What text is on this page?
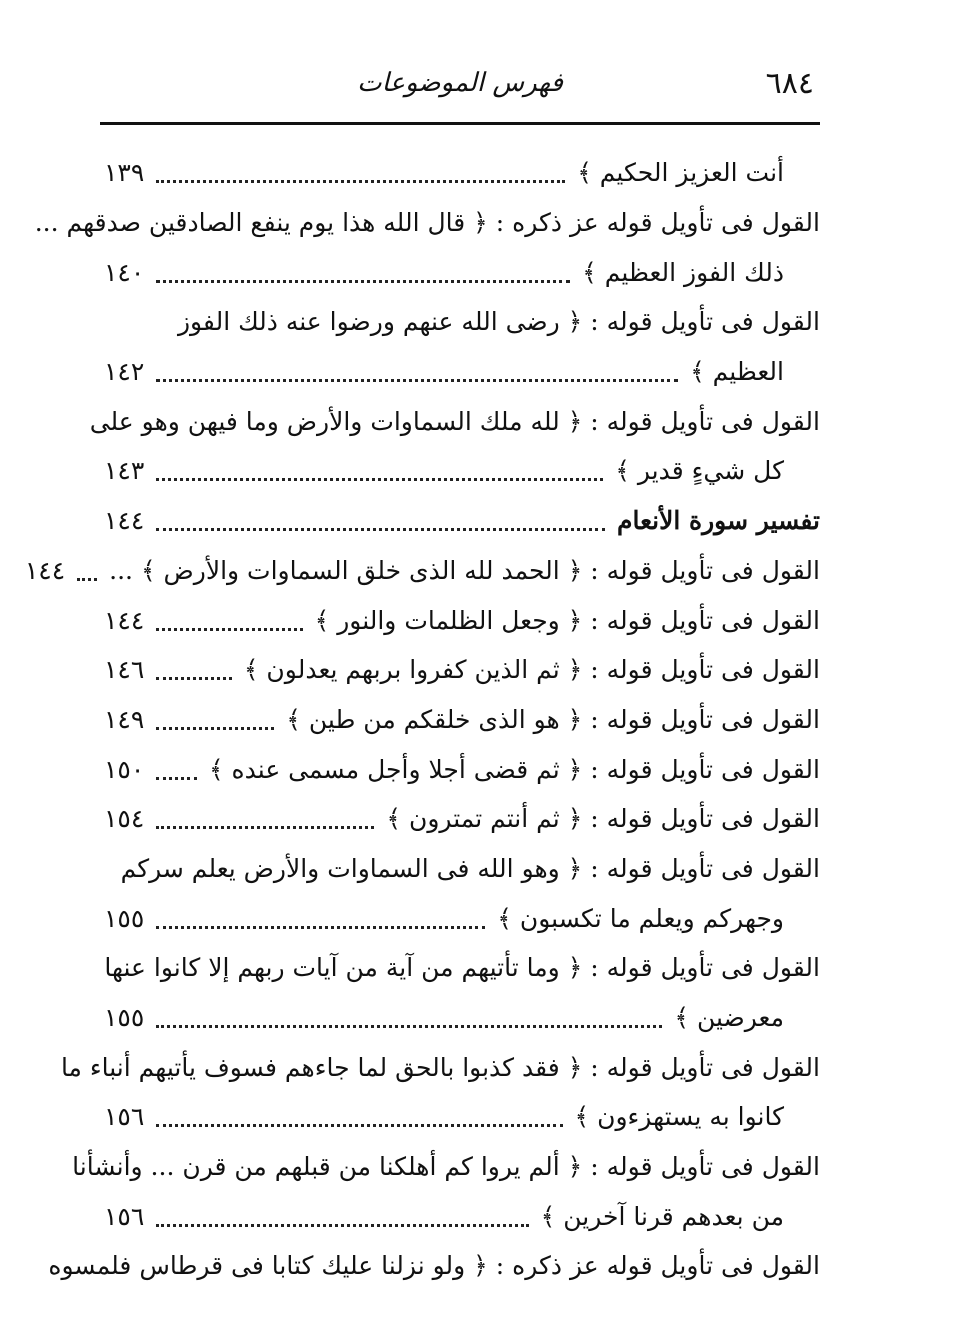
٦٨٤
فهرس الموضوعات
أنت العزيز الحكيم ﴾
١٣٩
القول فى تأويل قوله عز ذكره : ﴿ قال الله هذا يوم ينفع الصادقين صدقهم ...
ذلك الفوز العظيم ﴾
١٤٠
القول فى تأويل قوله : ﴿ رضى الله عنهم ورضوا عنه ذلك الفوز
العظيم ﴾
١٤٢
القول فى تأويل قوله : ﴿ لله ملك السماوات والأرض وما فيهن وهو على
كل شيءٍ قدير ﴾
١٤٣
تفسير سورة الأنعام
١٤٤
القول فى تأويل قوله : ﴿ الحمد لله الذى خلق السماوات والأرض ﴾ ...
١٤٤
القول فى تأويل قوله : ﴿ وجعل الظلمات والنور ﴾
١٤٤
القول فى تأويل قوله : ﴿ ثم الذين كفروا بربهم يعدلون ﴾
١٤٦
القول فى تأويل قوله : ﴿ هو الذى خلقكم من طين ﴾
١٤٩
القول فى تأويل قوله : ﴿ ثم قضى أجلا وأجل مسمى عنده ﴾
١٥٠
القول فى تأويل قوله : ﴿ ثم أنتم تمترون ﴾
١٥٤
القول فى تأويل قوله : ﴿ وهو الله فى السماوات والأرض يعلم سركم
وجهركم ويعلم ما تكسبون ﴾
١٥٥
القول فى تأويل قوله : ﴿ وما تأتيهم من آية من آيات ربهم إلا كانوا عنها
معرضين ﴾
١٥٥
القول فى تأويل قوله : ﴿ فقد كذبوا بالحق لما جاءهم فسوف يأتيهم أنباء ما
كانوا به يستهزءون ﴾
١٥٦
القول فى تأويل قوله : ﴿ ألم يروا كم أهلكنا من قبلهم من قرن ... وأنشأنا
من بعدهم قرنا آخرين ﴾
١٥٦
القول فى تأويل قوله عز ذكره : ﴿ ولو نزلنا عليك كتابا فى قرطاس فلمسوه
